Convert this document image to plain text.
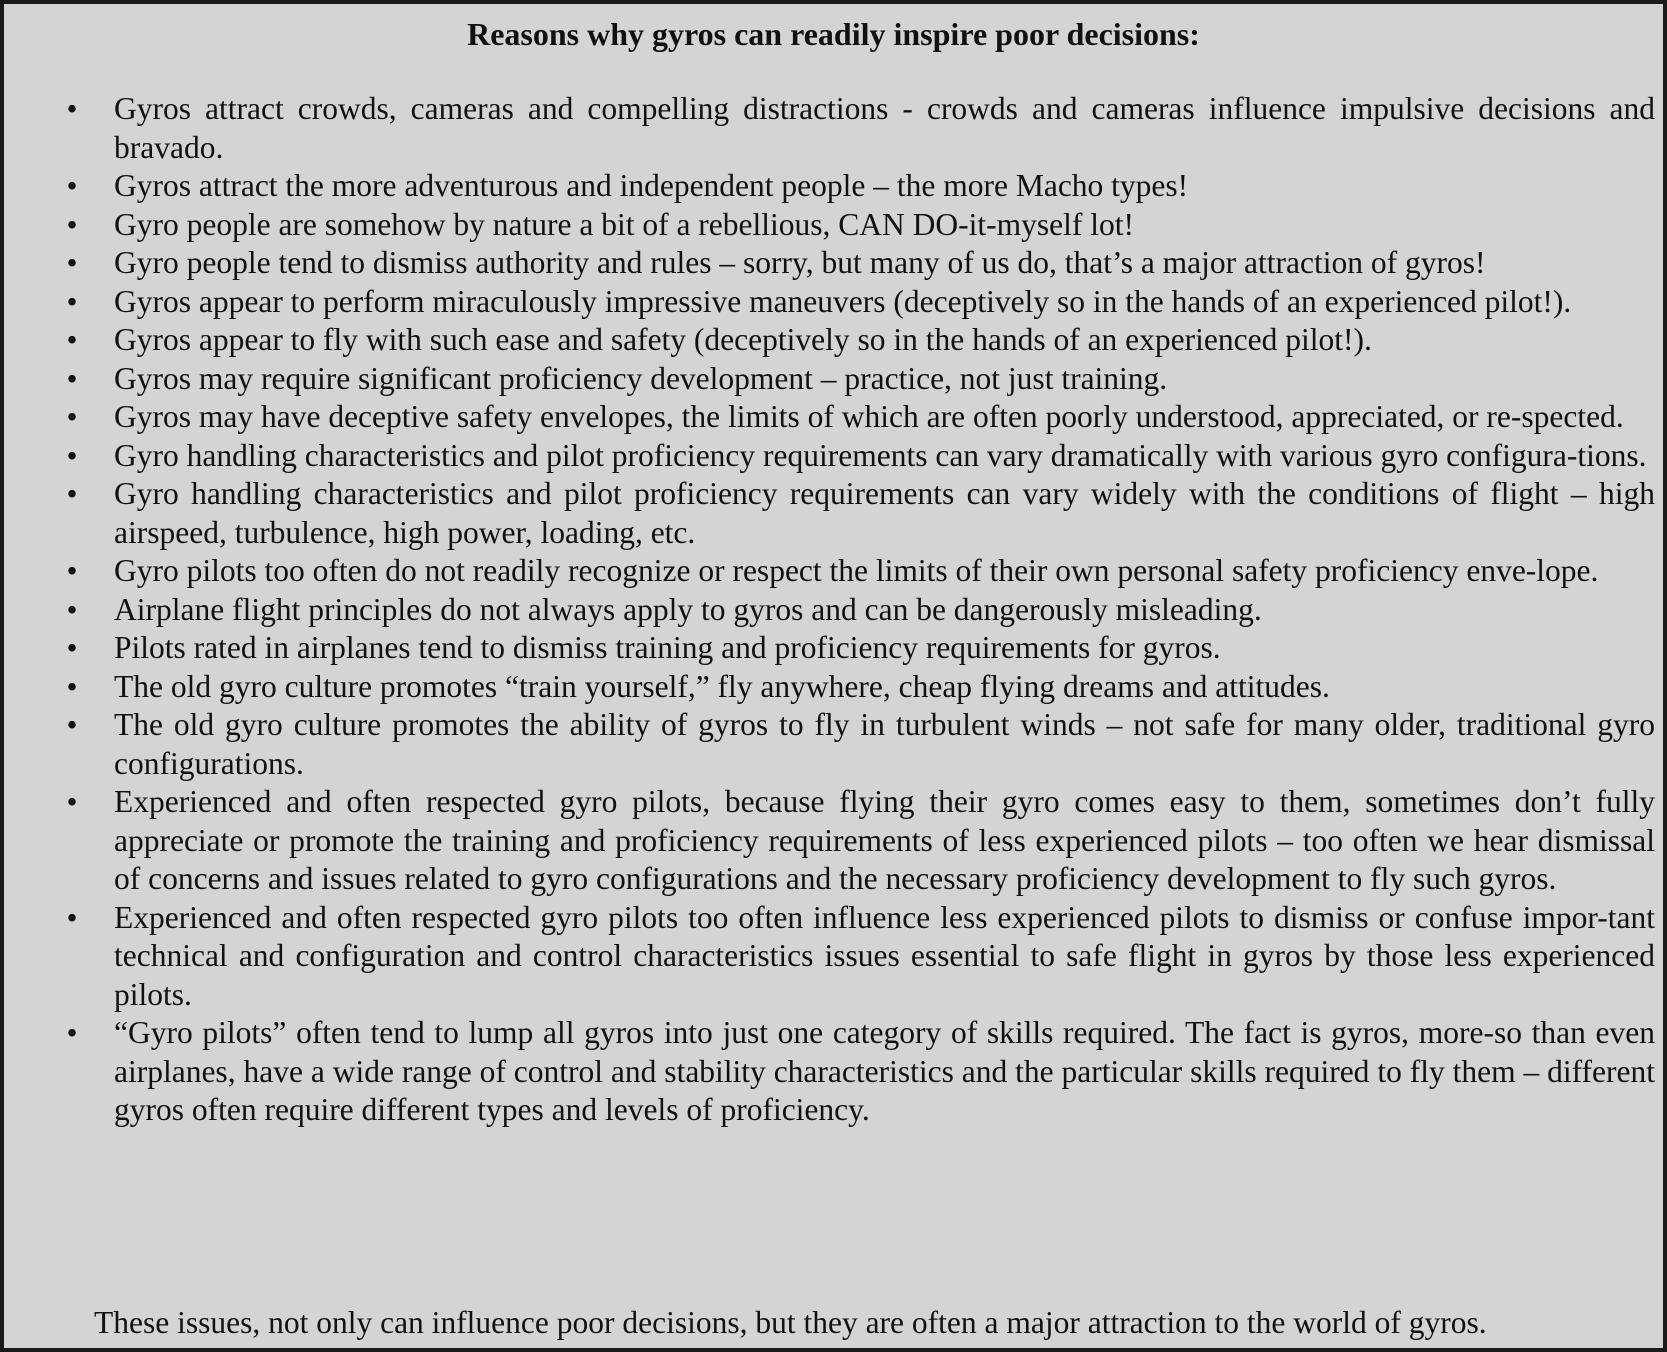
Reasons why gyros can readily inspire poor decisions:
• Gyros attract crowds, cameras and compelling distractions - crowds and cameras influence impulsive decisions and bravado.
• Gyros attract the more adventurous and independent people – the more Macho types!
• Gyro people are somehow by nature a bit of a rebellious, CAN DO-it-myself lot!
• Gyro people tend to dismiss authority and rules – sorry, but many of us do, that’s a major attraction of gyros!
• Gyros appear to perform miraculously impressive maneuvers (deceptively so in the hands of an experienced pilot!).
• Gyros appear to fly with such ease and safety (deceptively so in the hands of an experienced pilot!).
• Gyros may require significant proficiency development – practice, not just training.
• Gyros may have deceptive safety envelopes, the limits of which are often poorly understood, appreciated, or re-spected.
• Gyro handling characteristics and pilot proficiency requirements can vary dramatically with various gyro configura-tions.
• Gyro handling characteristics and pilot proficiency requirements can vary widely with the conditions of flight – high airspeed, turbulence, high power, loading, etc.
• Gyro pilots too often do not readily recognize or respect the limits of their own personal safety proficiency enve-lope.
• Airplane flight principles do not always apply to gyros and can be dangerously misleading.
• Pilots rated in airplanes tend to dismiss training and proficiency requirements for gyros.
• The old gyro culture promotes “train yourself,” fly anywhere, cheap flying dreams and attitudes.
• The old gyro culture promotes the ability of gyros to fly in turbulent winds – not safe for many older, traditional gyro configurations.
• Experienced and often respected gyro pilots, because flying their gyro comes easy to them, sometimes don’t fully appreciate or promote the training and proficiency requirements of less experienced pilots – too often we hear dismissal of concerns and issues related to gyro configurations and the necessary proficiency development to fly such gyros.
• Experienced and often respected gyro pilots too often influence less experienced pilots to dismiss or confuse impor-tant technical and configuration and control characteristics issues essential to safe flight in gyros by those less experienced pilots.
• “Gyro pilots” often tend to lump all gyros into just one category of skills required. The fact is gyros, more-so than even airplanes, have a wide range of control and stability characteristics and the particular skills required to fly them – different gyros often require different types and levels of proficiency.
These issues, not only can influence poor decisions, but they are often a major attraction to the world of gyros.
